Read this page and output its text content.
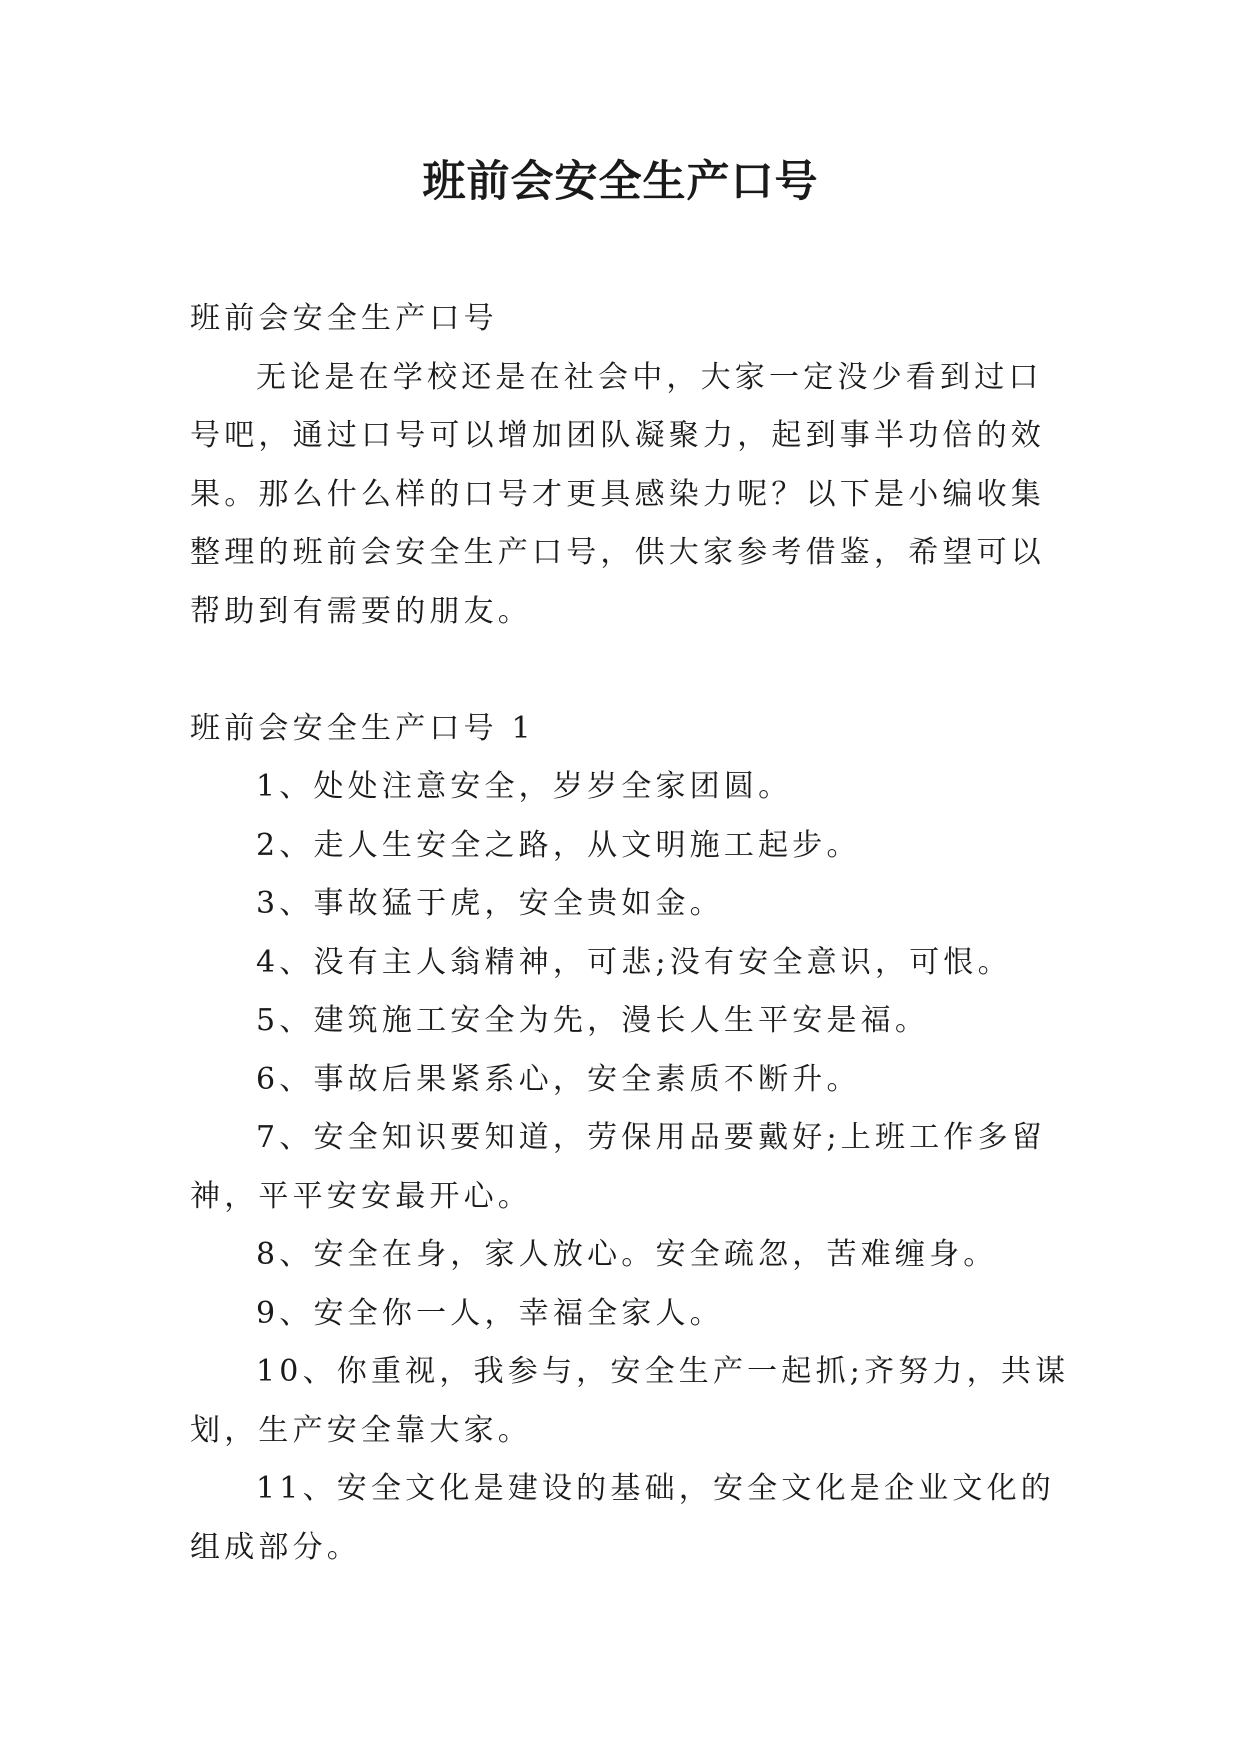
班前会安全生产口号

班前会安全生产口号

无论是在学校还是在社会中，大家一定没少看到过口号吧，通过口号可以增加团队凝聚力，起到事半功倍的效果。那么什么样的口号才更具感染力呢？以下是小编收集整理的班前会安全生产口号，供大家参考借鉴，希望可以帮助到有需要的朋友。

班前会安全生产口号 1

1、处处注意安全，岁岁全家团圆。

2、走人生安全之路，从文明施工起步。

3、事故猛于虎，安全贵如金。

4、没有主人翁精神，可悲;没有安全意识，可恨。

5、建筑施工安全为先，漫长人生平安是福。

6、事故后果紧系心，安全素质不断升。

7、安全知识要知道，劳保用品要戴好;上班工作多留神，平平安安最开心。

8、安全在身，家人放心。安全疏忽，苦难缠身。

9、安全你一人，幸福全家人。

10、你重视，我参与，安全生产一起抓;齐努力，共谋划，生产安全靠大家。

11、安全文化是建设的基础，安全文化是企业文化的组成部分。
